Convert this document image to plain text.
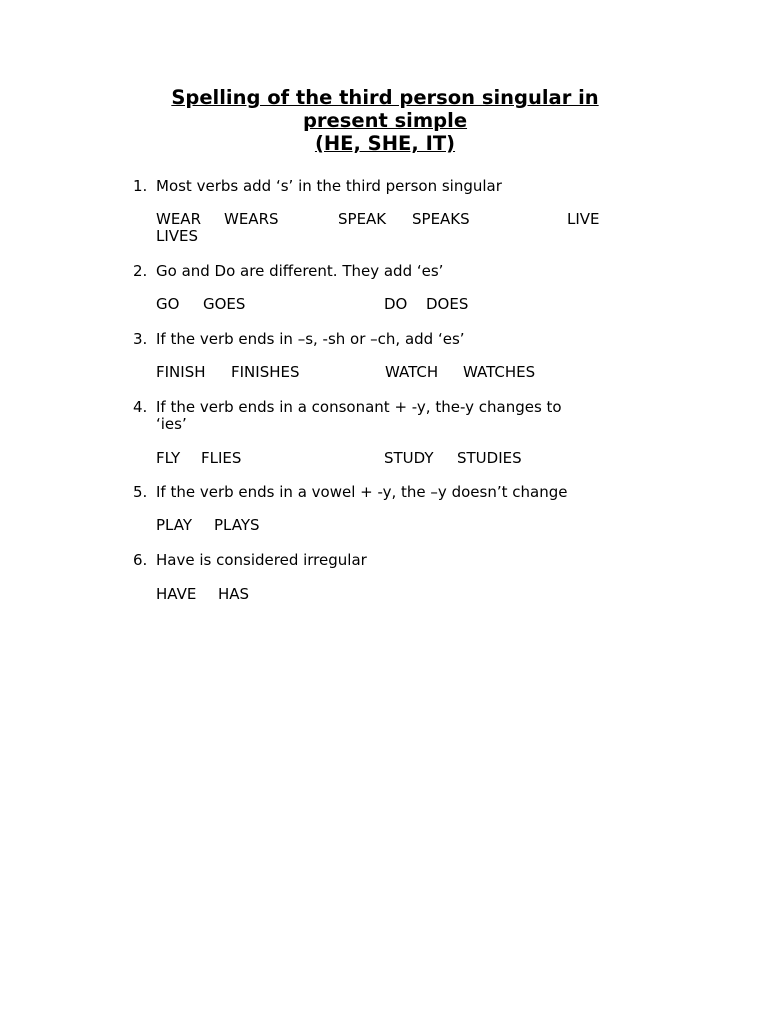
Spelling of the third person singular in
present simple
(HE, SHE, IT)
1. Most verbs add ‘s’ in the third person singular
WEAR WEARS	SPEAK SPEAKS	LIVE
LIVES
2. Go and Do are different. They add ‘es’
GO GOES	DO DOES
3. If the verb ends in –s, -sh or –ch, add ‘es’
FINISH FINISHES	WATCH WATCHES
4. If the verb ends in a consonant + -y, the-y changes to
‘ies’
FLY FLIES	STUDY STUDIES
5. If the verb ends in a vowel + -y, the –y doesn’t change
PLAY PLAYS
6. Have is considered irregular
HAVE HAS
